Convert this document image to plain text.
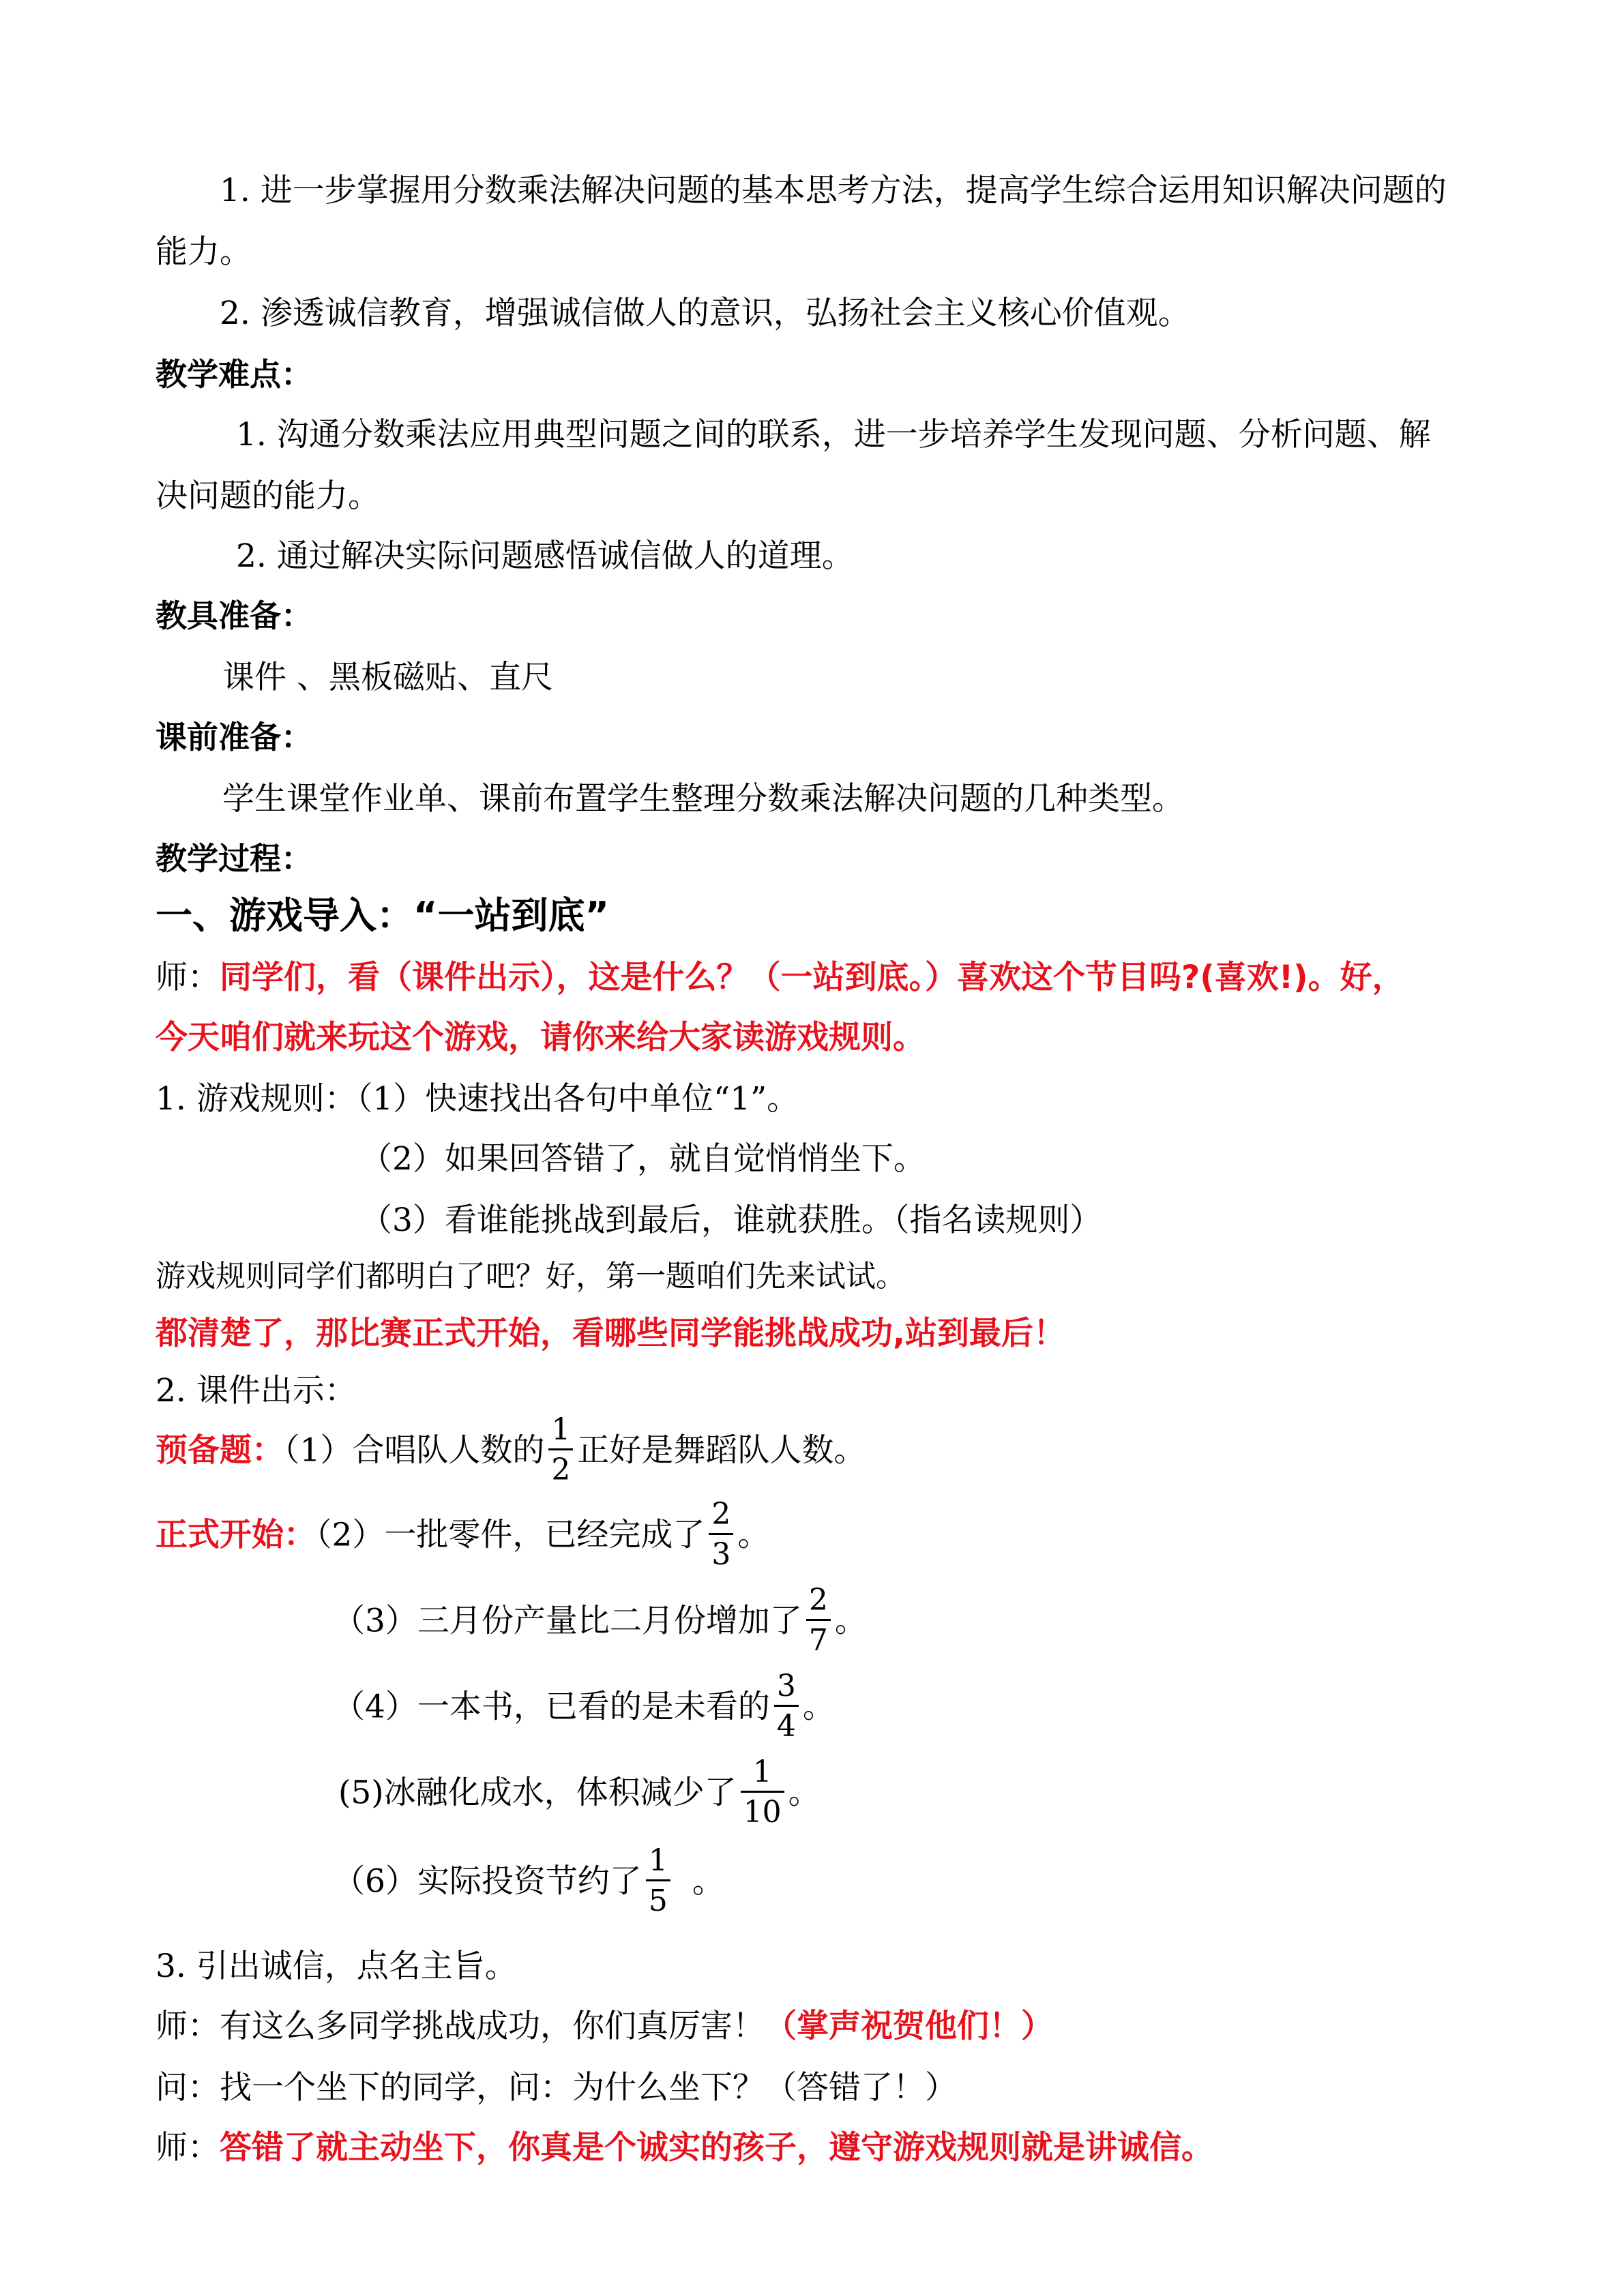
1. 进一步掌握用分数乘法解决问题的基本思考方法，提高学生综合运用知识解决问题的
能力。
2. 渗透诚信教育，增强诚信做人的意识，弘扬社会主义核心价值观。
教学难点：
1. 沟通分数乘法应用典型问题之间的联系，进一步培养学生发现问题、分析问题、解
决问题的能力。
2. 通过解决实际问题感悟诚信做人的道理。
教具准备：
课件 、黑板磁贴、直尺
课前准备：
学生课堂作业单、课前布置学生整理分数乘法解决问题的几种类型。
教学过程：
一、游戏导入：“一站到底”
师：同学们，看（课件出示），这是什么？（一站到底。）喜欢这个节目吗?(喜欢!)。好，
今天咱们就来玩这个游戏，请你来给大家读游戏规则。
1. 游戏规则：（1）快速找出各句中单位“1”。
（2）如果回答错了，就自觉悄悄坐下。
（3）看谁能挑战到最后，谁就获胜。（指名读规则）
游戏规则同学们都明白了吧？好，第一题咱们先来试试。
都清楚了，那比赛正式开始，看哪些同学能挑战成功,站到最后！
2. 课件出示：
预备题：（1）合唱队人数的 $\frac{1}{2}$ 正好是舞蹈队人数。
正式开始：（2）一批零件，已经完成了 $\frac{2}{3}$ 。
（3）三月份产量比二月份增加了 $\frac{2}{7}$ 。
（4）一本书，已看的是未看的 $\frac{3}{4}$ 。
(5)冰融化成水，体积减少了 $\frac{1}{10}$ 。
（6）实际投资节约了 $\frac{1}{5}$ 。
3. 引出诚信，点名主旨。
师：有这么多同学挑战成功，你们真厉害！（掌声祝贺他们！）
问：找一个坐下的同学，问：为什么坐下？（答错了！）
师：答错了就主动坐下，你真是个诚实的孩子，遵守游戏规则就是讲诚信。
